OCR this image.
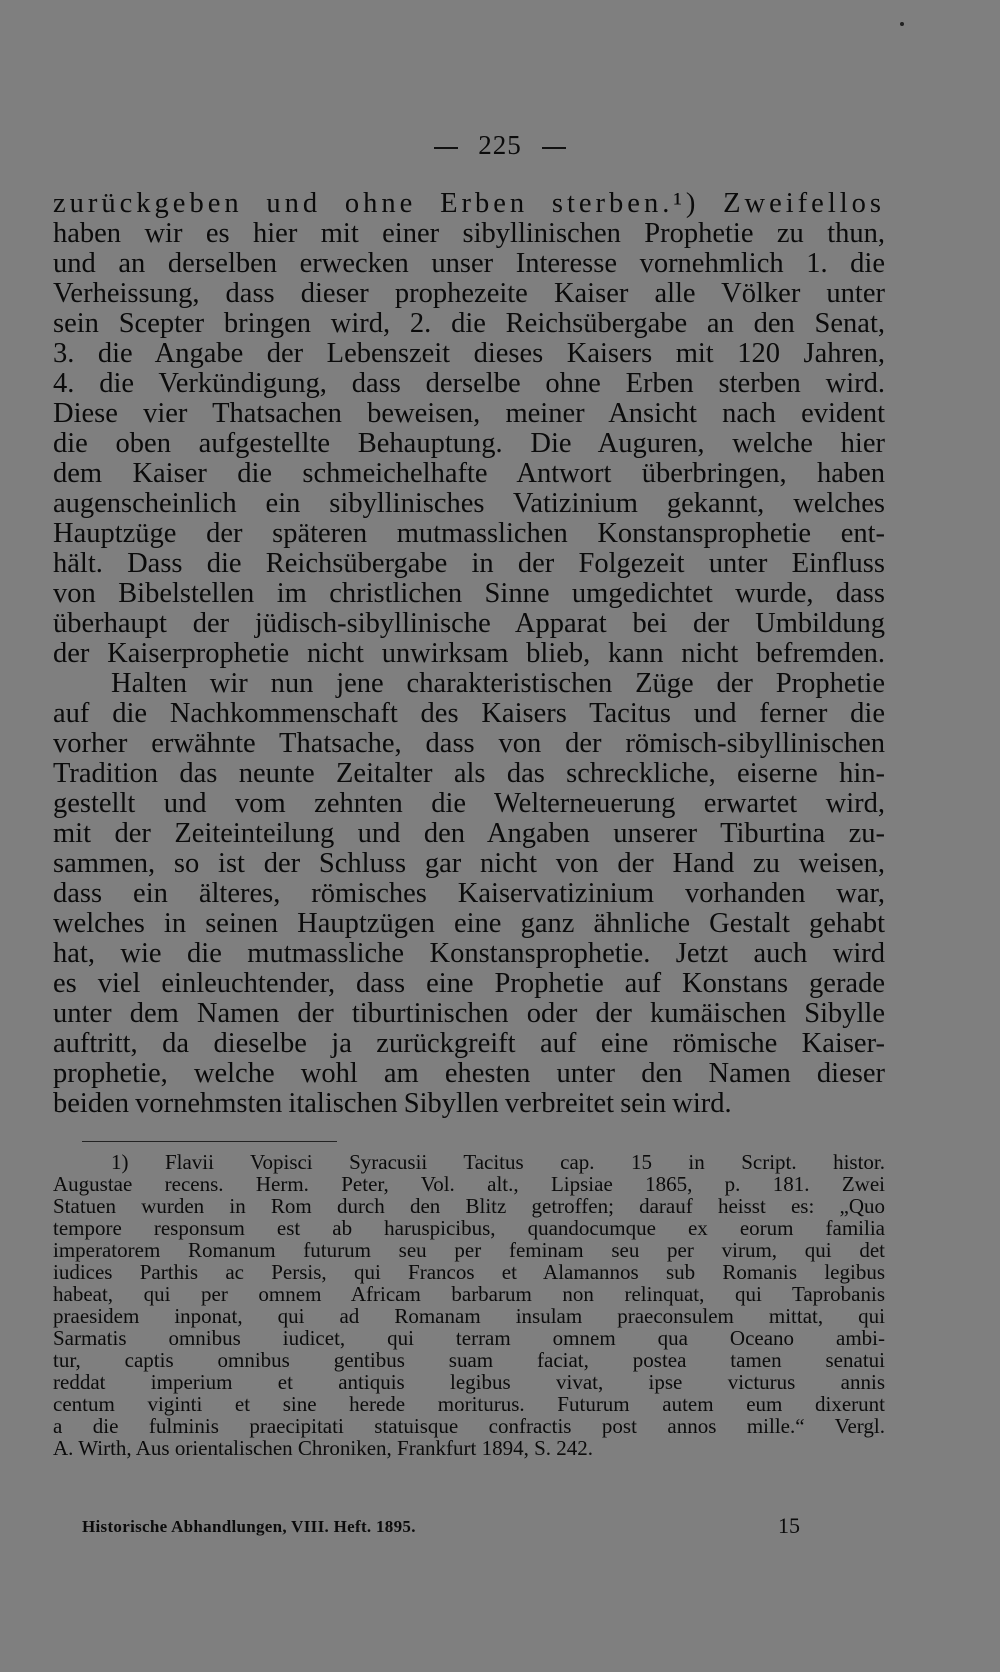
225
zurückgeben und ohne Erben sterben.¹) Zweifellos
haben wir es hier mit einer sibyllinischen Prophetie zu thun,
und an derselben erwecken unser Interesse vornehmlich 1. die
Verheissung, dass dieser prophezeite Kaiser alle Völker unter
sein Scepter bringen wird, 2. die Reichsübergabe an den Senat,
3. die Angabe der Lebenszeit dieses Kaisers mit 120 Jahren,
4. die Verkündigung, dass derselbe ohne Erben sterben wird.
Diese vier Thatsachen beweisen, meiner Ansicht nach evident
die oben aufgestellte Behauptung. Die Auguren, welche hier
dem Kaiser die schmeichelhafte Antwort überbringen, haben
augenscheinlich ein sibyllinisches Vatizinium gekannt, welches
Hauptzüge der späteren mutmasslichen Konstansprophetie ent-
hält. Dass die Reichsübergabe in der Folgezeit unter Einfluss
von Bibelstellen im christlichen Sinne umgedichtet wurde, dass
überhaupt der jüdisch-sibyllinische Apparat bei der Umbildung
der Kaiserprophetie nicht unwirksam blieb, kann nicht befremden.
Halten wir nun jene charakteristischen Züge der Prophetie
auf die Nachkommenschaft des Kaisers Tacitus und ferner die
vorher erwähnte Thatsache, dass von der römisch-sibyllinischen
Tradition das neunte Zeitalter als das schreckliche, eiserne hin-
gestellt und vom zehnten die Welterneuerung erwartet wird,
mit der Zeiteinteilung und den Angaben unserer Tiburtina zu-
sammen, so ist der Schluss gar nicht von der Hand zu weisen,
dass ein älteres, römisches Kaiservatizinium vorhanden war,
welches in seinen Hauptzügen eine ganz ähnliche Gestalt gehabt
hat, wie die mutmassliche Konstansprophetie. Jetzt auch wird
es viel einleuchtender, dass eine Prophetie auf Konstans gerade
unter dem Namen der tiburtinischen oder der kumäischen Sibylle
auftritt, da dieselbe ja zurückgreift auf eine römische Kaiser-
prophetie, welche wohl am ehesten unter den Namen dieser
beiden vornehmsten italischen Sibyllen verbreitet sein wird.
1) Flavii Vopisci Syracusii Tacitus cap. 15 in Script. histor.
Augustae recens. Herm. Peter, Vol. alt., Lipsiae 1865, p. 181. Zwei
Statuen wurden in Rom durch den Blitz getroffen; darauf heisst es: „Quo
tempore responsum est ab haruspicibus, quandocumque ex eorum familia
imperatorem Romanum futurum seu per feminam seu per virum, qui det
iudices Parthis ac Persis, qui Francos et Alamannos sub Romanis legibus
habeat, qui per omnem Africam barbarum non relinquat, qui Taprobanis
praesidem inponat, qui ad Romanam insulam praeconsulem mittat, qui
Sarmatis omnibus iudicet, qui terram omnem qua Oceano ambi-
tur, captis omnibus gentibus suam faciat, postea tamen senatui
reddat imperium et antiquis legibus vivat, ipse victurus annis
centum viginti et sine herede moriturus. Futurum autem eum dixerunt
a die fulminis praecipitati statuisque confractis post annos mille.“ Vergl.
A. Wirth, Aus orientalischen Chroniken, Frankfurt 1894, S. 242.
Historische Abhandlungen, VIII. Heft. 1895.	15
